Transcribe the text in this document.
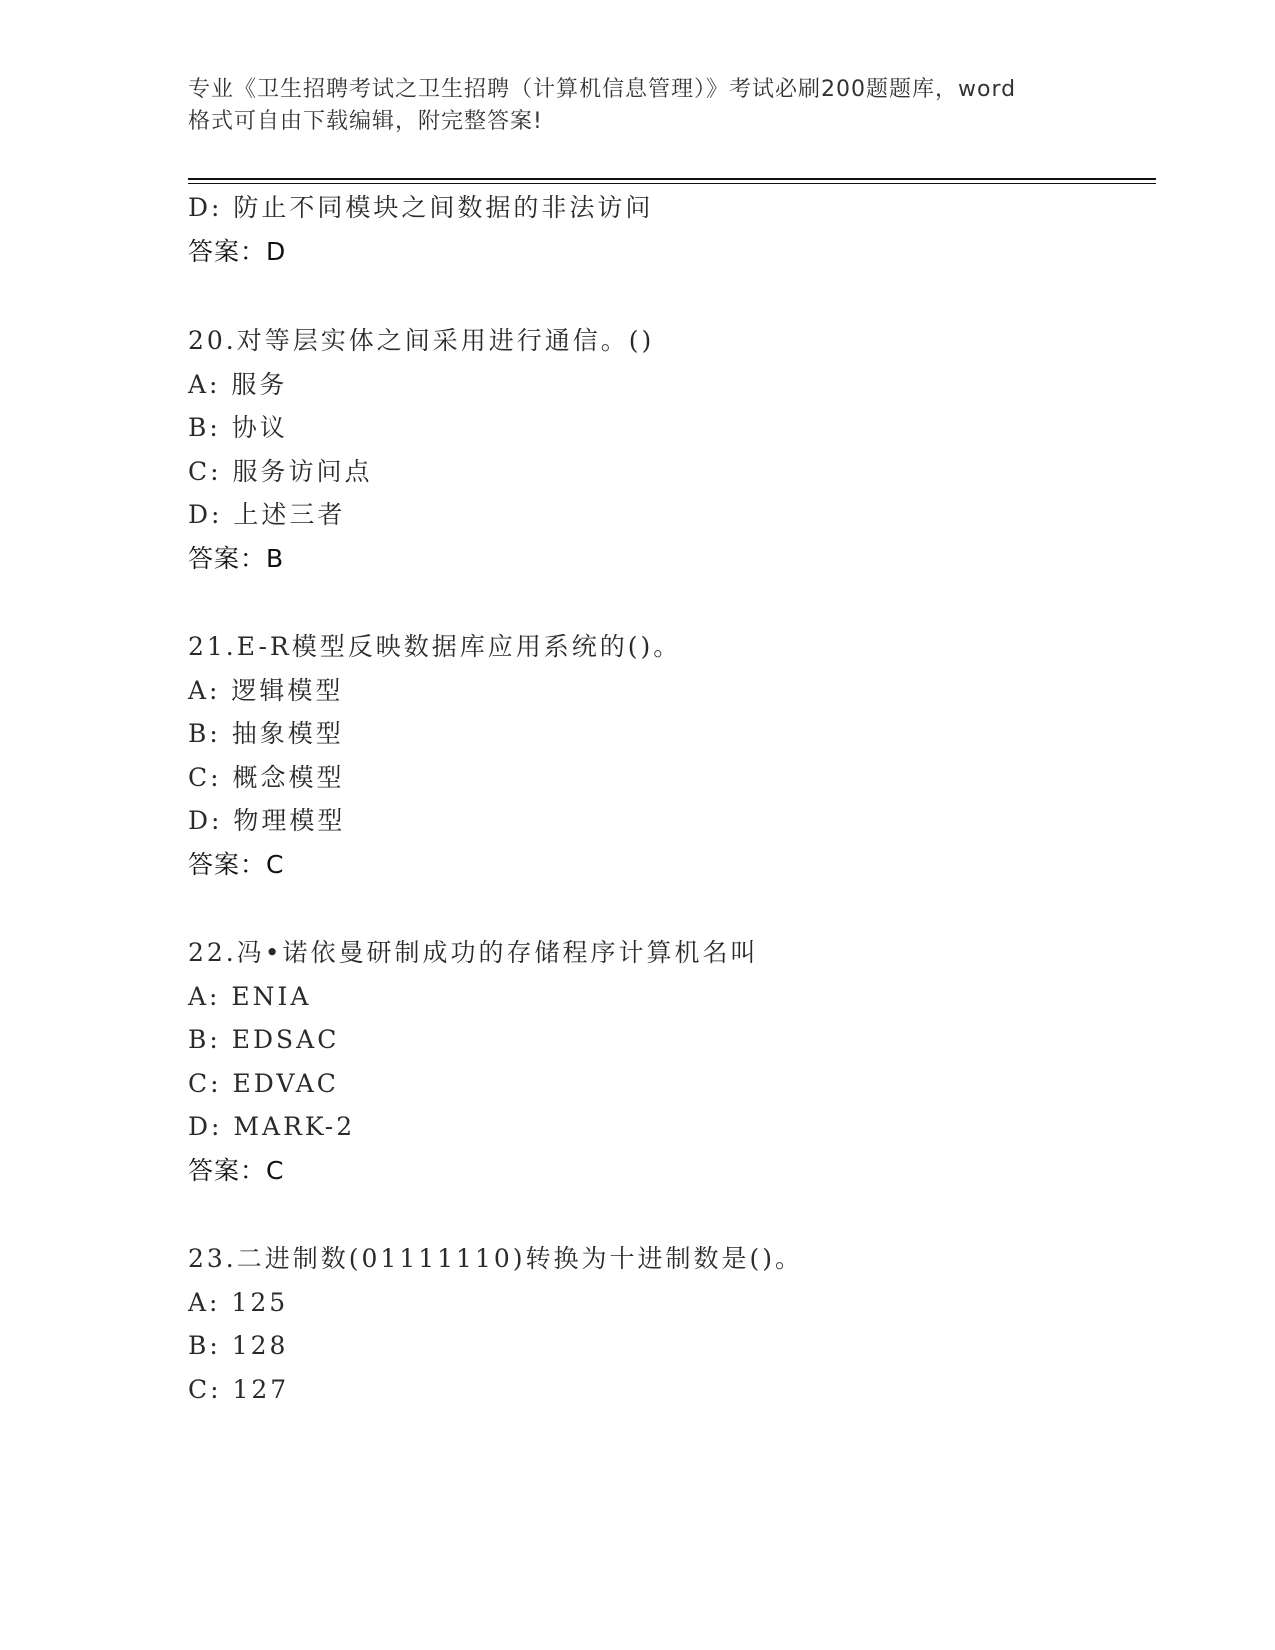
专业《卫生招聘考试之卫生招聘（计算机信息管理）》考试必刷200题题库，word
格式可自由下载编辑，附完整答案!
D: 防止不同模块之间数据的非法访问
答案：D
20.对等层实体之间采用进行通信。()
A: 服务
B: 协议
C: 服务访问点
D: 上述三者
答案：B
21.E-R模型反映数据库应用系统的()。
A: 逻辑模型
B: 抽象模型
C: 概念模型
D: 物理模型
答案：C
22.冯•诺依曼研制成功的存储程序计算机名叫
A: ENIA
B: EDSAC
C: EDVAC
D: MARK-2
答案：C
23.二进制数(01111110)转换为十进制数是()。
A: 125
B: 128
C: 127
